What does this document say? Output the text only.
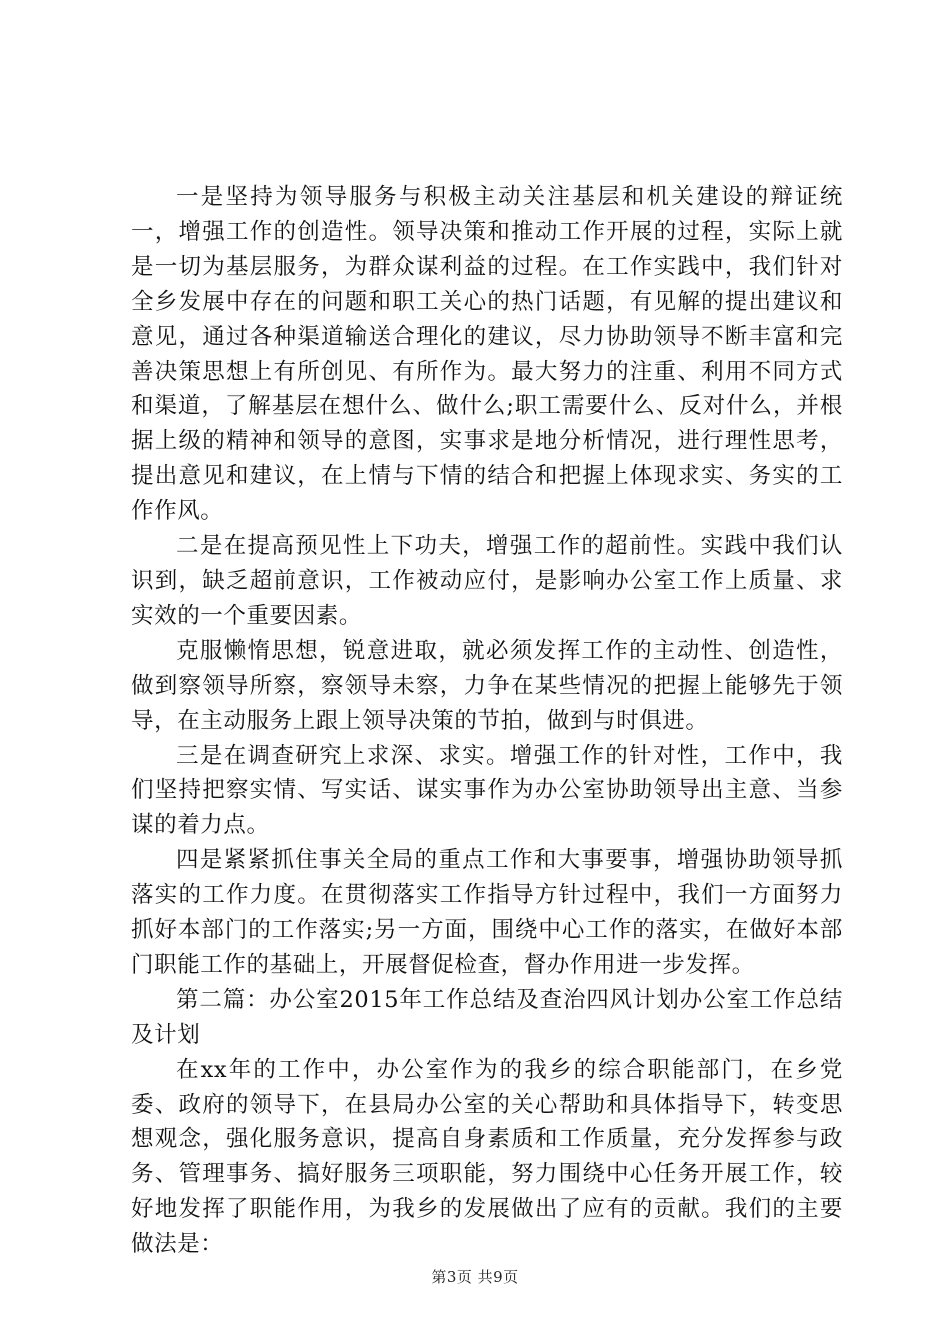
一是坚持为领导服务与积极主动关注基层和机关建设的辩证统一，增强工作的创造性。领导决策和推动工作开展的过程，实际上就是一切为基层服务，为群众谋利益的过程。在工作实践中，我们针对全乡发展中存在的问题和职工关心的热门话题，有见解的提出建议和意见，通过各种渠道输送合理化的建议，尽力协助领导不断丰富和完善决策思想上有所创见、有所作为。最大努力的注重、利用不同方式和渠道，了解基层在想什么、做什么;职工需要什么、反对什么，并根据上级的精神和领导的意图，实事求是地分析情况，进行理性思考，提出意见和建议，在上情与下情的结合和把握上体现求实、务实的工作作风。

二是在提高预见性上下功夫，增强工作的超前性。实践中我们认识到，缺乏超前意识，工作被动应付，是影响办公室工作上质量、求实效的一个重要因素。

克服懒惰思想，锐意进取，就必须发挥工作的主动性、创造性，做到察领导所察，察领导未察，力争在某些情况的把握上能够先于领导，在主动服务上跟上领导决策的节拍，做到与时俱进。

三是在调查研究上求深、求实。增强工作的针对性，工作中，我们坚持把察实情、写实话、谋实事作为办公室协助领导出主意、当参谋的着力点。

四是紧紧抓住事关全局的重点工作和大事要事，增强协助领导抓落实的工作力度。在贯彻落实工作指导方针过程中，我们一方面努力抓好本部门的工作落实;另一方面，围绕中心工作的落实，在做好本部门职能工作的基础上，开展督促检查，督办作用进一步发挥。

第二篇：办公室2015年工作总结及查治四风计划办公室工作总结及计划

在xx年的工作中，办公室作为的我乡的综合职能部门，在乡党委、政府的领导下，在县局办公室的关心帮助和具体指导下，转变思想观念，强化服务意识，提高自身素质和工作质量，充分发挥参与政务、管理事务、搞好服务三项职能，努力围绕中心任务开展工作，较好地发挥了职能作用，为我乡的发展做出了应有的贡献。我们的主要做法是：

第3页 共9页
